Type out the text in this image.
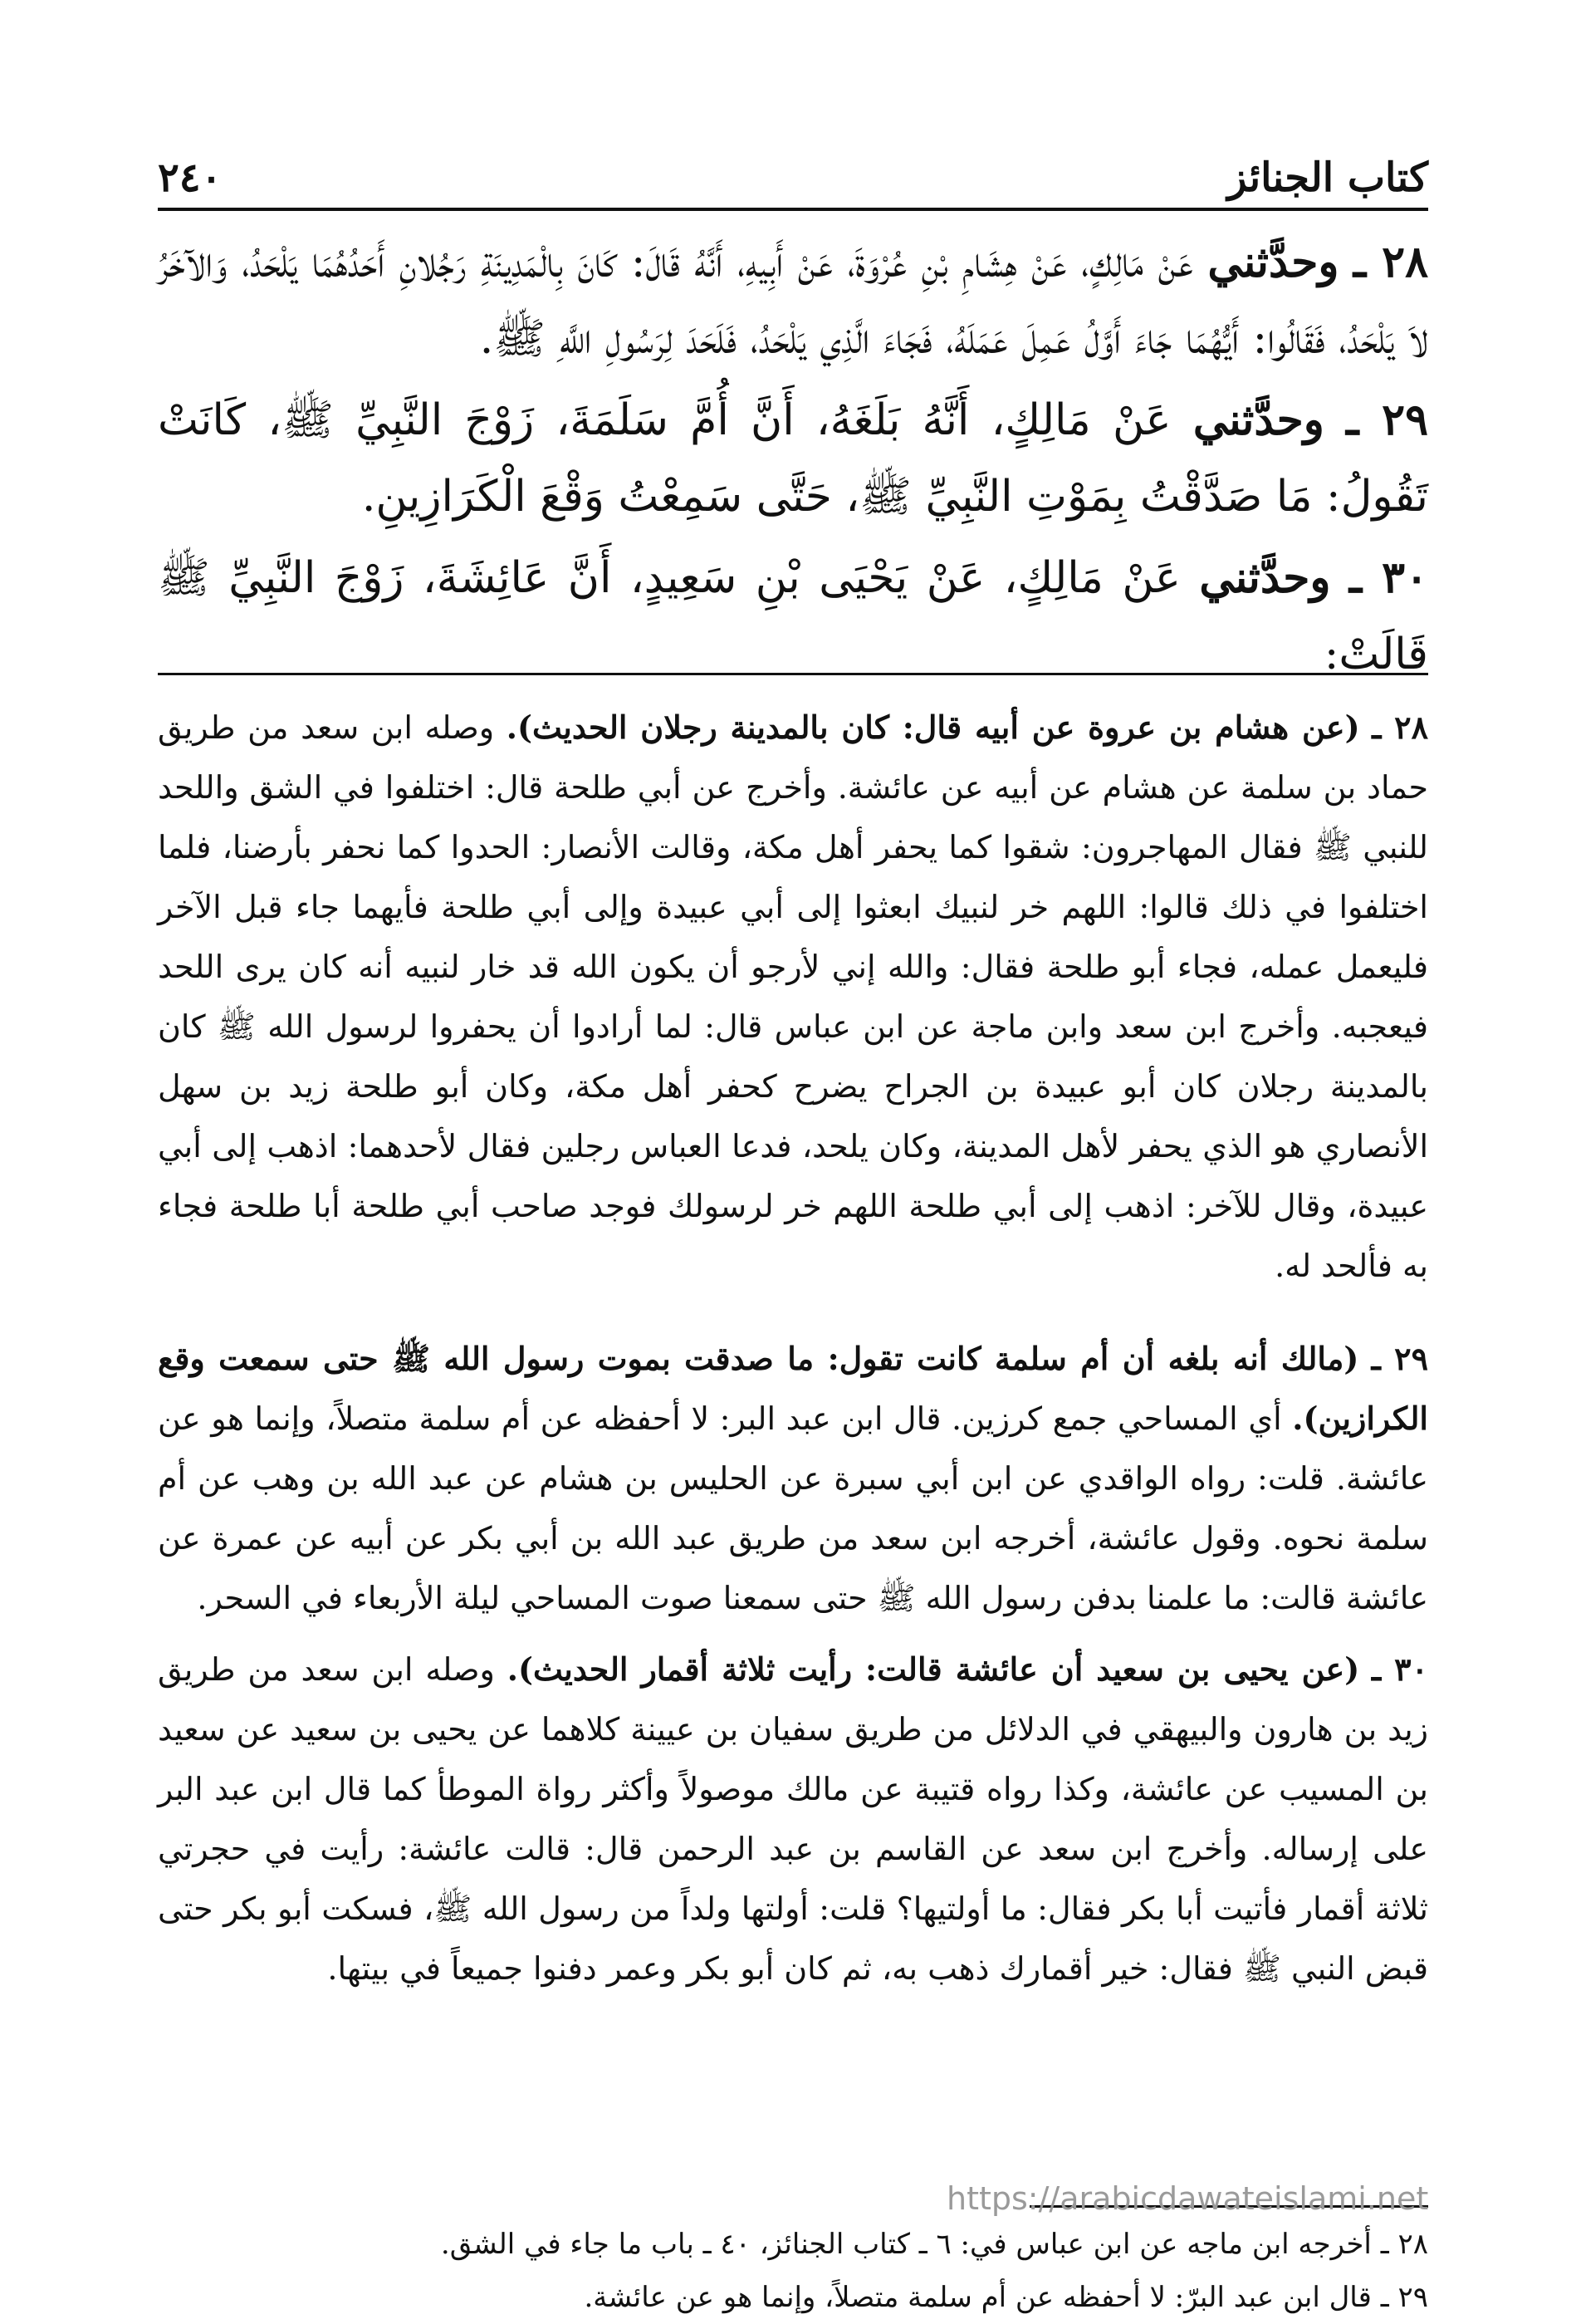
كتاب الجنائز
٢٤٠

٢٨ ـ وحدَّثني عَنْ مَالِكٍ، عَنْ هِشَامِ بْنِ عُرْوَةَ، عَنْ أَبِيهِ، أَنَّهُ قَالَ: كَانَ بِالْمَدِينَةِ رَجُلانِ أَحَدُهُمَا يَلْحَدُ، وَالآخَرُ لاَ يَلْحَدُ، فَقَالُوا: أَيُّهُمَا جَاءَ أَوَّلُ عَمِلَ عَمَلَهُ، فَجَاءَ الَّذِي يَلْحَدُ، فَلَحَدَ لِرَسُولِ اللَّهِ ﷺ.

٢٩ ـ وحدَّثني عَنْ مَالِكٍ، أَنَّهُ بَلَغَهُ، أَنَّ أُمَّ سَلَمَةَ، زَوْجَ النَّبِيِّ ﷺ، كَانَتْ تَقُولُ: مَا صَدَّقْتُ بِمَوْتِ النَّبِيِّ ﷺ، حَتَّى سَمِعْتُ وَقْعَ الْكَرَازِينِ.

٣٠ ـ وحدَّثني عَنْ مَالِكٍ، عَنْ يَحْيَى بْنِ سَعِيدٍ، أَنَّ عَائِشَةَ، زَوْجَ النَّبِيِّ ﷺ قَالَتْ:

٢٨ ـ (عن هشام بن عروة عن أبيه قال: كان بالمدينة رجلان الحديث). وصله ابن سعد من طريق حماد بن سلمة عن هشام عن أبيه عن عائشة. وأخرج عن أبي طلحة قال: اختلفوا في الشق واللحد للنبي ﷺ فقال المهاجرون: شقوا كما يحفر أهل مكة، وقالت الأنصار: الحدوا كما نحفر بأرضنا، فلما اختلفوا في ذلك قالوا: اللهم خر لنبيك ابعثوا إلى أبي عبيدة وإلى أبي طلحة فأيهما جاء قبل الآخر فليعمل عمله، فجاء أبو طلحة فقال: والله إني لأرجو أن يكون الله قد خار لنبيه أنه كان يرى اللحد فيعجبه. وأخرج ابن سعد وابن ماجة عن ابن عباس قال: لما أرادوا أن يحفروا لرسول الله ﷺ كان بالمدينة رجلان كان أبو عبيدة بن الجراح يضرح كحفر أهل مكة، وكان أبو طلحة زيد بن سهل الأنصاري هو الذي يحفر لأهل المدينة، وكان يلحد، فدعا العباس رجلين فقال لأحدهما: اذهب إلى أبي عبيدة، وقال للآخر: اذهب إلى أبي طلحة اللهم خر لرسولك فوجد صاحب أبي طلحة أبا طلحة فجاء به فألحد له.

٢٩ ـ (مالك أنه بلغه أن أم سلمة كانت تقول: ما صدقت بموت رسول الله ﷺ حتى سمعت وقع الكرازين). أي المساحي جمع كرزين. قال ابن عبد البر: لا أحفظه عن أم سلمة متصلاً، وإنما هو عن عائشة. قلت: رواه الواقدي عن ابن أبي سبرة عن الحليس بن هشام عن عبد الله بن وهب عن أم سلمة نحوه. وقول عائشة، أخرجه ابن سعد من طريق عبد الله بن أبي بكر عن أبيه عن عمرة عن عائشة قالت: ما علمنا بدفن رسول الله ﷺ حتى سمعنا صوت المساحي ليلة الأربعاء في السحر.

٣٠ ـ (عن يحيى بن سعيد أن عائشة قالت: رأيت ثلاثة أقمار الحديث). وصله ابن سعد من طريق زيد بن هارون والبيهقي في الدلائل من طريق سفيان بن عيينة كلاهما عن يحيى بن سعيد عن سعيد بن المسيب عن عائشة، وكذا رواه قتيبة عن مالك موصولاً وأكثر رواة الموطأ كما قال ابن عبد البر على إرساله. وأخرج ابن سعد عن القاسم بن عبد الرحمن قال: قالت عائشة: رأيت في حجرتي ثلاثة أقمار فأتيت أبا بكر فقال: ما أولتيها؟ قلت: أولتها ولداً من رسول الله ﷺ، فسكت أبو بكر حتى قبض النبي ﷺ فقال: خير أقمارك ذهب به، ثم كان أبو بكر وعمر دفنوا جميعاً في بيتها.

٢٨ ـ أخرجه ابن ماجه عن ابن عباس في: ٦ ـ كتاب الجنائز، ٤٠ ـ باب ما جاء في الشق.

٢٩ ـ قال ابن عبد البرّ: لا أحفظه عن أم سلمة متصلاً، وإنما هو عن عائشة.

https://arabicdawateislami.net
